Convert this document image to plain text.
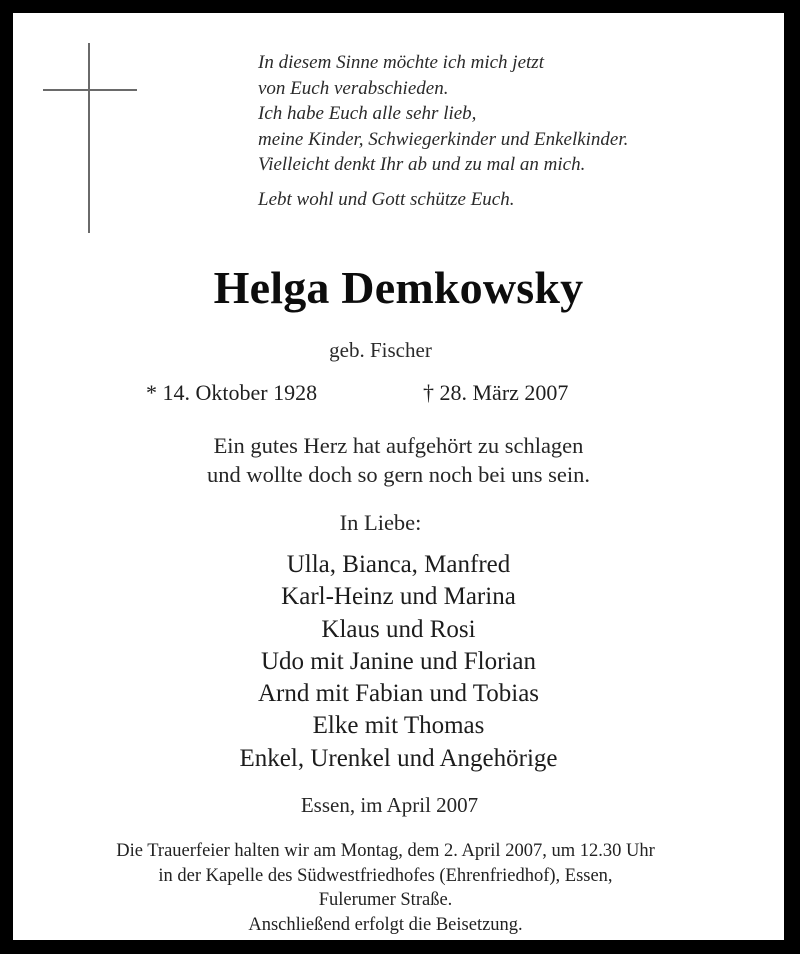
In diesem Sinne möchte ich mich jetzt

von Euch verabschieden.

Ich habe Euch alle sehr lieb,

meine Kinder, Schwiegerkinder und Enkelkinder.

Vielleicht denkt Ihr ab und zu mal an mich.

Lebt wohl und Gott schütze Euch.

Helga Demkowsky
geb. Fischer
* 14. Oktober 1928	† 28. März 2007

Ein gutes Herz hat aufgehört zu schlagen

und wollte doch so gern noch bei uns sein.

In Liebe:

Ulla, Bianca, Manfred

Karl-Heinz und Marina

Klaus und Rosi

Udo mit Janine und Florian

Arnd mit Fabian und Tobias

Elke mit Thomas

Enkel, Urenkel und Angehörige

Essen, im April 2007

Die Trauerfeier halten wir am Montag, dem 2. April 2007, um 12.30 Uhr

in der Kapelle des Südwestfriedhofes (Ehrenfriedhof), Essen,

Fulerumer Straße.

Anschließend erfolgt die Beisetzung.
